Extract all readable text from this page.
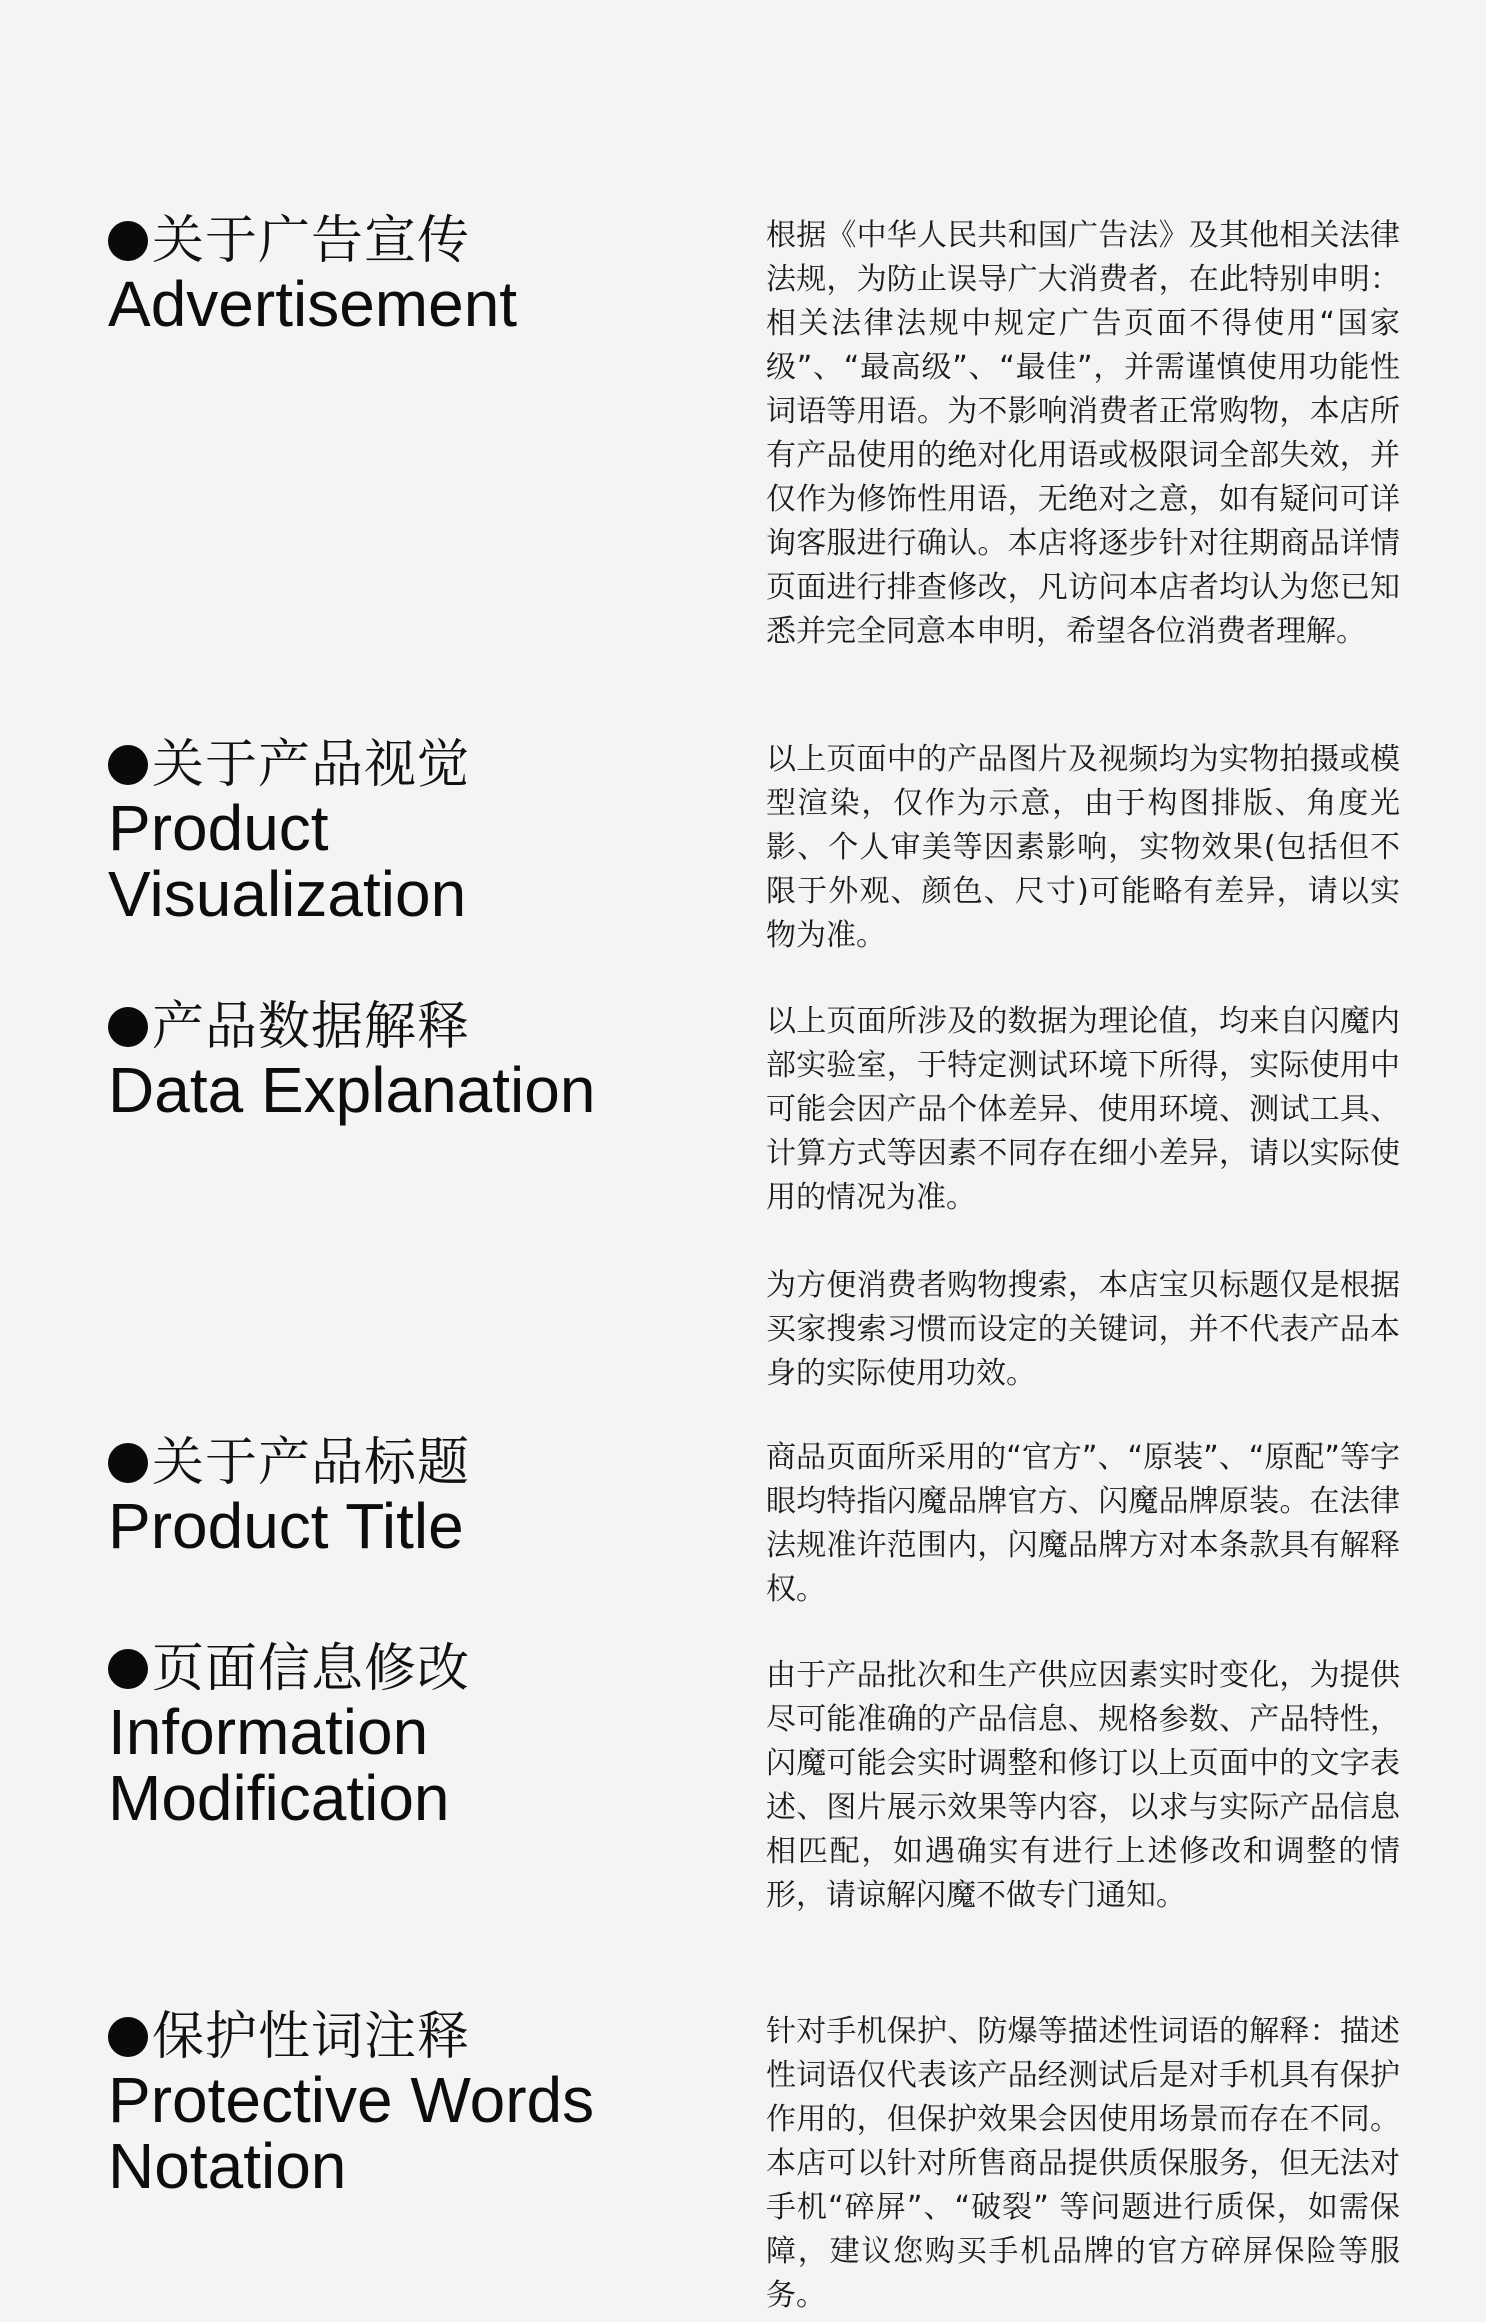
关于广告宣传
Advertisement

根据《中华人民共和国广告法》及其他相关法律法规，为防止误导广大消费者，在此特别申明：相关法律法规中规定广告页面不得使用“国家级”、“最高级”、“最佳”，并需谨慎使用功能性词语等用语。为不影响消费者正常购物，本店所有产品使用的绝对化用语或极限词全部失效，并仅作为修饰性用语，无绝对之意，如有疑问可详询客服进行确认。本店将逐步针对往期商品详情页面进行排查修改，凡访问本店者均认为您已知悉并完全同意本申明，希望各位消费者理解。

关于产品视觉
Product
Visualization

以上页面中的产品图片及视频均为实物拍摄或模型渲染，仅作为示意，由于构图排版、角度光影、个人审美等因素影响，实物效果(包括但不限于外观、颜色、尺寸)可能略有差异，请以实物为准。

产品数据解释
Data Explanation

以上页面所涉及的数据为理论值，均来自闪魔内部实验室，于特定测试环境下所得，实际使用中可能会因产品个体差异、使用环境、测试工具、计算方式等因素不同存在细小差异，请以实际使用的情况为准。

为方便消费者购物搜索，本店宝贝标题仅是根据买家搜索习惯而设定的关键词，并不代表产品本身的实际使用功效。

关于产品标题
Product Title

商品页面所采用的“官方”、“原装”、“原配”等字眼均特指闪魔品牌官方、闪魔品牌原装。在法律法规准许范围内，闪魔品牌方对本条款具有解释权。

页面信息修改
Information
Modification

由于产品批次和生产供应因素实时变化，为提供尽可能准确的产品信息、规格参数、产品特性，闪魔可能会实时调整和修订以上页面中的文字表述、图片展示效果等内容，以求与实际产品信息相匹配，如遇确实有进行上述修改和调整的情形，请谅解闪魔不做专门通知。

保护性词注释
Protective Words
Notation

针对手机保护、防爆等描述性词语的解释：描述性词语仅代表该产品经测试后是对手机具有保护作用的，但保护效果会因使用场景而存在不同。本店可以针对所售商品提供质保服务，但无法对手机“碎屏”、“破裂” 等问题进行质保，如需保障，建议您购买手机品牌的官方碎屏保险等服务。
